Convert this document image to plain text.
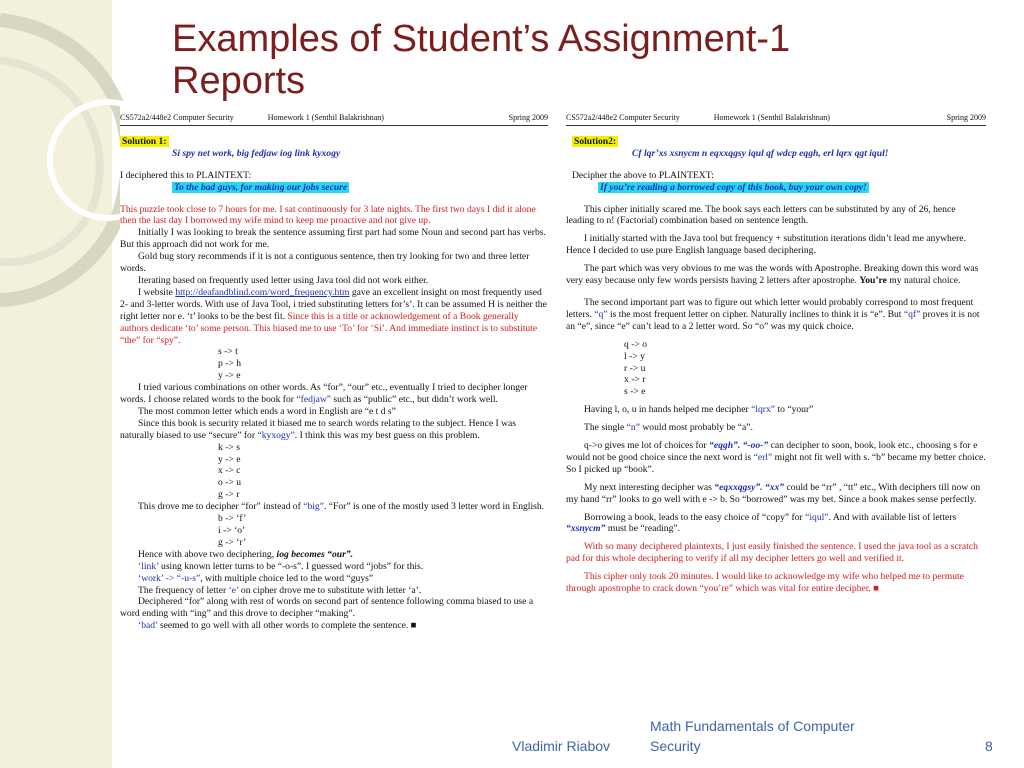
Examples of Student’s Assignment-1
Reports
CS572a2/448e2 Computer Security	Homework 1 (Senthil Balakrishnan)	Spring 2009

Solution 1:

Si spy net work, big fedjaw iog link kyxogy

I deciphered this to PLAINTEXT:

To the bad guys, for making our jobs secure

This puzzle took close to 7 hours for me. I sat continuously for 3 late nights. The first two days I did it alone then the last day I borrowed my wife mind to keep me proactive and not give up.

Initially I was looking to break the sentence assuming first part had some Noun and second part has verbs. But this approach did not work for me.

Gold bug story recommends if it is not a contiguous sentence, then try looking for two and three letter words.

Iterating based on frequently used letter using Java tool did not work either.

I website http://deafandblind.com/word_frequency.htm gave an excellent insight on most frequently used 2- and 3-letter words. With use of Java Tool, i tried substituting letters for’s’. It can be assumed H is neither the right letter nor e. ‘t’ looks to be the best fit. Since this is a title or acknowledgement of a Book generally authors dedicate ‘to’ some person. This biased me to use ‘To’ for ‘Si’. And immediate instinct is to substitute “the” for “spy”.

s -> t

p -> h

y -> e

I tried various combinations on other words. As “for”, “our” etc., eventually I tried to decipher longer words. I choose related words to the book for “fedjaw” such as “public” etc., but didn’t work well.

The most common letter which ends a word in English are “e t d s”

Since this book is security related it biased me to search words relating to the subject. Hence I was naturally biased to use “secure” for “kyxogy”. I think this was my best guess on this problem.

k -> s

y -> e

x -> c

o -> u

g -> r

This drove me to decipher “for” instead of “big”. “For” is one of the mostly used 3 letter word in English.

b -> ‘f’

i -> ‘o’

g -> ‘r’

Hence with above two deciphering, iog becomes “our”.

‘link’ using known letter turns to be “-o-s”. I guessed word “jobs” for this.

‘work’ -> “-u-s”, with multiple choice led to the word “guys”

The frequency of letter ‘e’ on cipher drove me to substitute with letter ‘a’.

Deciphered “for” along with rest of words on second part of sentence following comma biased to use a word ending with “ing” and this drove to decipher “making”.

‘bad’ seemed to go well with all other words to complete the sentence. ■

CS572a2/448e2 Computer Security	Homework 1 (Senthil Balakrishnan)	Spring 2009

Solution2:

Cf lqr’xs xsnycm n eqxxqgsy iqul qf wdcp eqgh, erl lqrx qgt iqul!

Decipher the above to PLAINTEXT:

If you’re reading a borrowed copy of this book, buy your own copy!

This cipher initially scared me. The book says each letters can be substituted by any of 26, hence leading to n! (Factorial) combination based on sentence length.

I initially started with the Java tool but frequency + substitution iterations didn’t lead me anywhere. Hence I decided to use pure English language based deciphering.

The part which was very obvious to me was the words with Apostrophe. Breaking down this word was very easy because only few words persists having 2 letters after apostrophe. You’re my natural choice.

The second important part was to figure out which letter would probably correspond to most frequent letters. “q” is the most frequent letter on cipher. Naturally inclines to think it is “e”. But “qf” proves it is not an “e”, since “e” can’t lead to a 2 letter word. So “o” was my quick choice.

q -> o

l -> y

r -> u

x -> r

s -> e

Having l, o, u in hands helped me decipher “lqrx” to “your”

The single “n” would most probably be “a”.

q->o gives me lot of choices for “eqgh”. “-oo-” can decipher to soon, book, look etc., choosing s for e would not be good choice since the next word is “erl” might not fit well with s. “b” became my better choice. So I picked up “book”.

My next interesting decipher was “eqxxqgsy”. “xx” could be “rr” , “tt” etc., With deciphers till now on my hand “rr” looks to go well with e -> b. So “borrowed” was my bet. Since a book makes sense perfectly.

Borrowing a book, leads to the easy choice of “copy” for “iqul”. And with available list of letters “xsnycm” must be “reading”.

With so many deciphered plaintexts, I just easily finished the sentence. I used the java tool as a scratch pad for this whole deciphering to verify if all my decipher letters go well and verified it.

This cipher only took 20 minutes. I would like to acknowledge my wife who helped me to permute through apostrophe to crack down “you’re” which was vital for entire decipher. ■

Vladimir Riabov
Math Fundamentals of Computer
Security	8
